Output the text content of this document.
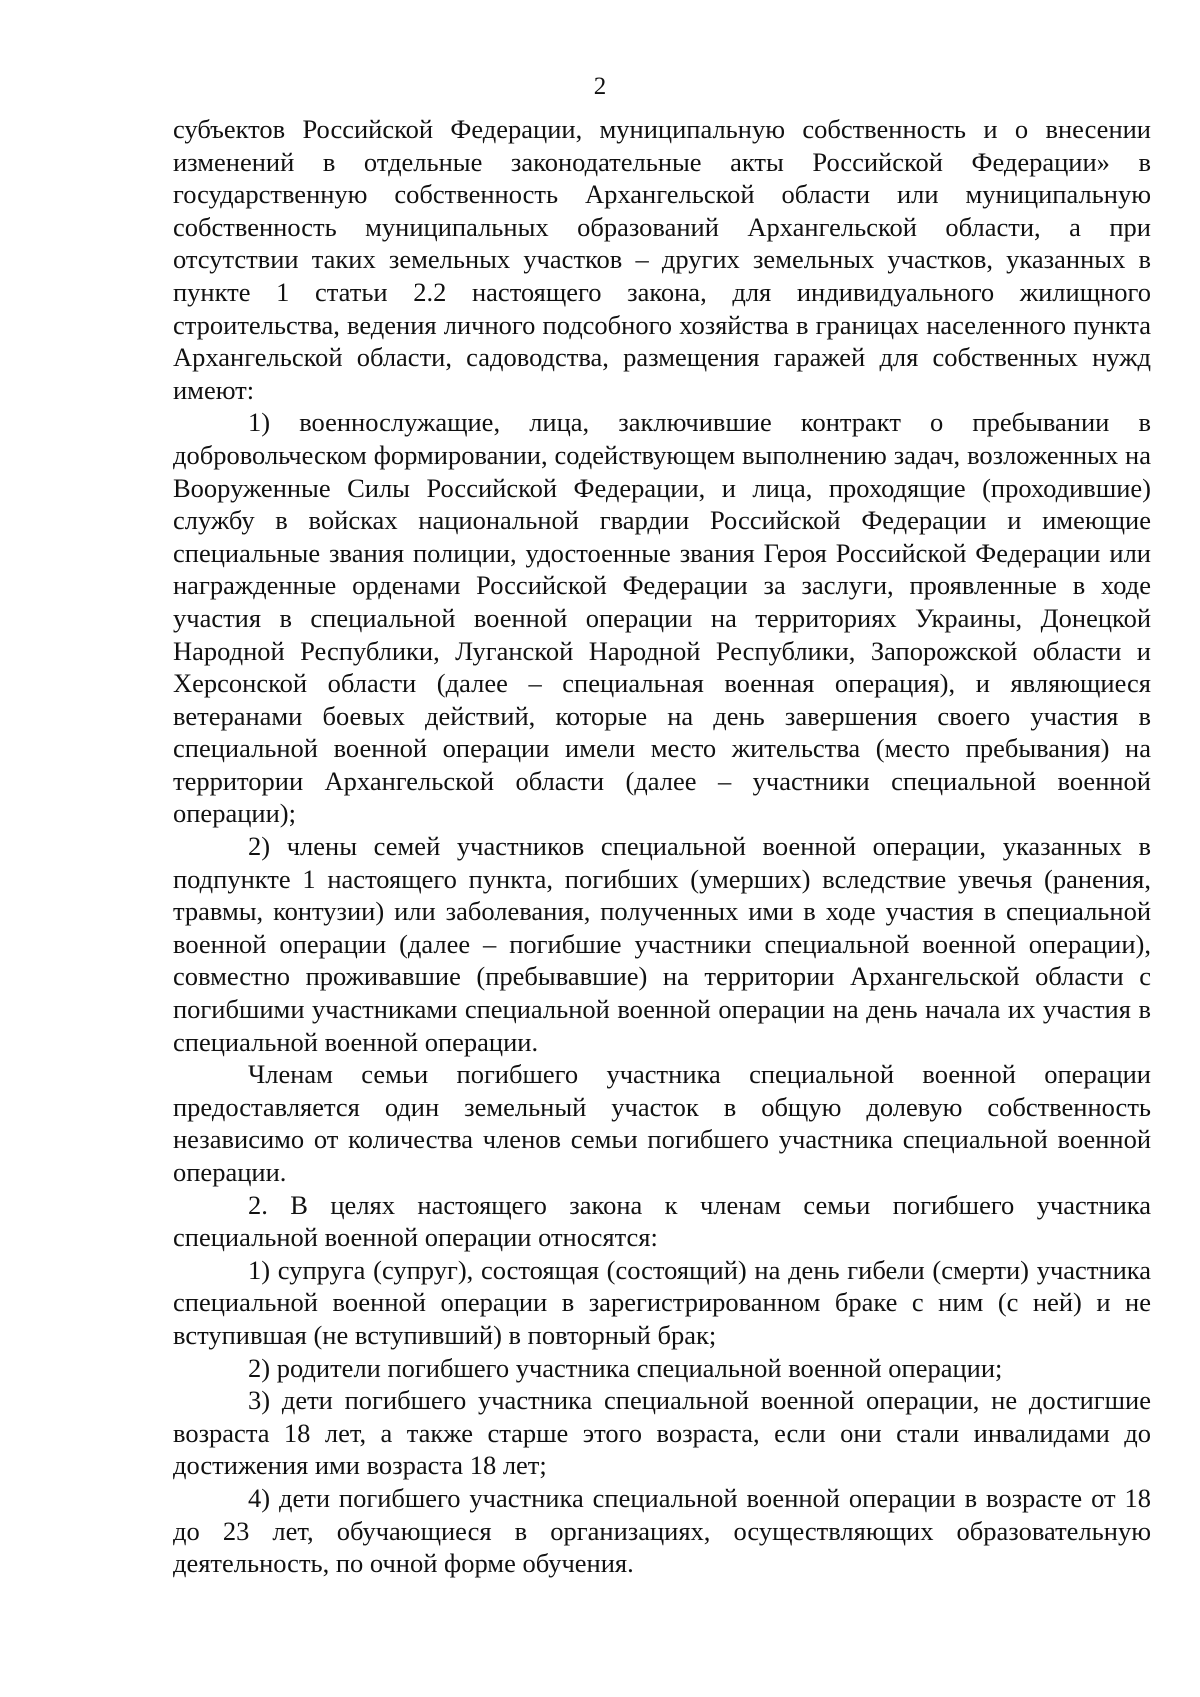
2

субъектов Российской Федерации, муниципальную собственность и о внесении изменений в отдельные законодательные акты Российской Федерации» в государственную собственность Архангельской области или муниципальную собственность муниципальных образований Архангельской области, а при отсутствии таких земельных участков – других земельных участков, указанных в пункте 1 статьи 2.2 настоящего закона, для индивидуального жилищного строительства, ведения личного подсобного хозяйства в границах населенного пункта Архангельской области, садоводства, размещения гаражей для собственных нужд имеют:

1) военнослужащие, лица, заключившие контракт о пребывании в добровольческом формировании, содействующем выполнению задач, возложенных на Вооруженные Силы Российской Федерации, и лица, проходящие (проходившие) службу в войсках национальной гвардии Российской Федерации и имеющие специальные звания полиции, удостоенные звания Героя Российской Федерации или награжденные орденами Российской Федерации за заслуги, проявленные в ходе участия в специальной военной операции на территориях Украины, Донецкой Народной Республики, Луганской Народной Республики, Запорожской области и Херсонской области (далее – специальная военная операция), и являющиеся ветеранами боевых действий, которые на день завершения своего участия в специальной военной операции имели место жительства (место пребывания) на территории Архангельской области (далее – участники специальной военной операции);

2) члены семей участников специальной военной операции, указанных в подпункте 1 настоящего пункта, погибших (умерших) вследствие увечья (ранения, травмы, контузии) или заболевания, полученных ими в ходе участия в специальной военной операции (далее – погибшие участники специальной военной операции), совместно проживавшие (пребывавшие) на территории Архангельской области с погибшими участниками специальной военной операции на день начала их участия в специальной военной операции.

Членам семьи погибшего участника специальной военной операции предоставляется один земельный участок в общую долевую собственность независимо от количества членов семьи погибшего участника специальной военной операции.

2. В целях настоящего закона к членам семьи погибшего участника специальной военной операции относятся:

1) супруга (супруг), состоящая (состоящий) на день гибели (смерти) участника специальной военной операции в зарегистрированном браке с ним (с ней) и не вступившая (не вступивший) в повторный брак;

2) родители погибшего участника специальной военной операции;

3) дети погибшего участника специальной военной операции, не достигшие возраста 18 лет, а также старше этого возраста, если они стали инвалидами до достижения ими возраста 18 лет;

4) дети погибшего участника специальной военной операции в возрасте от 18 до 23 лет, обучающиеся в организациях, осуществляющих образовательную деятельность, по очной форме обучения.
